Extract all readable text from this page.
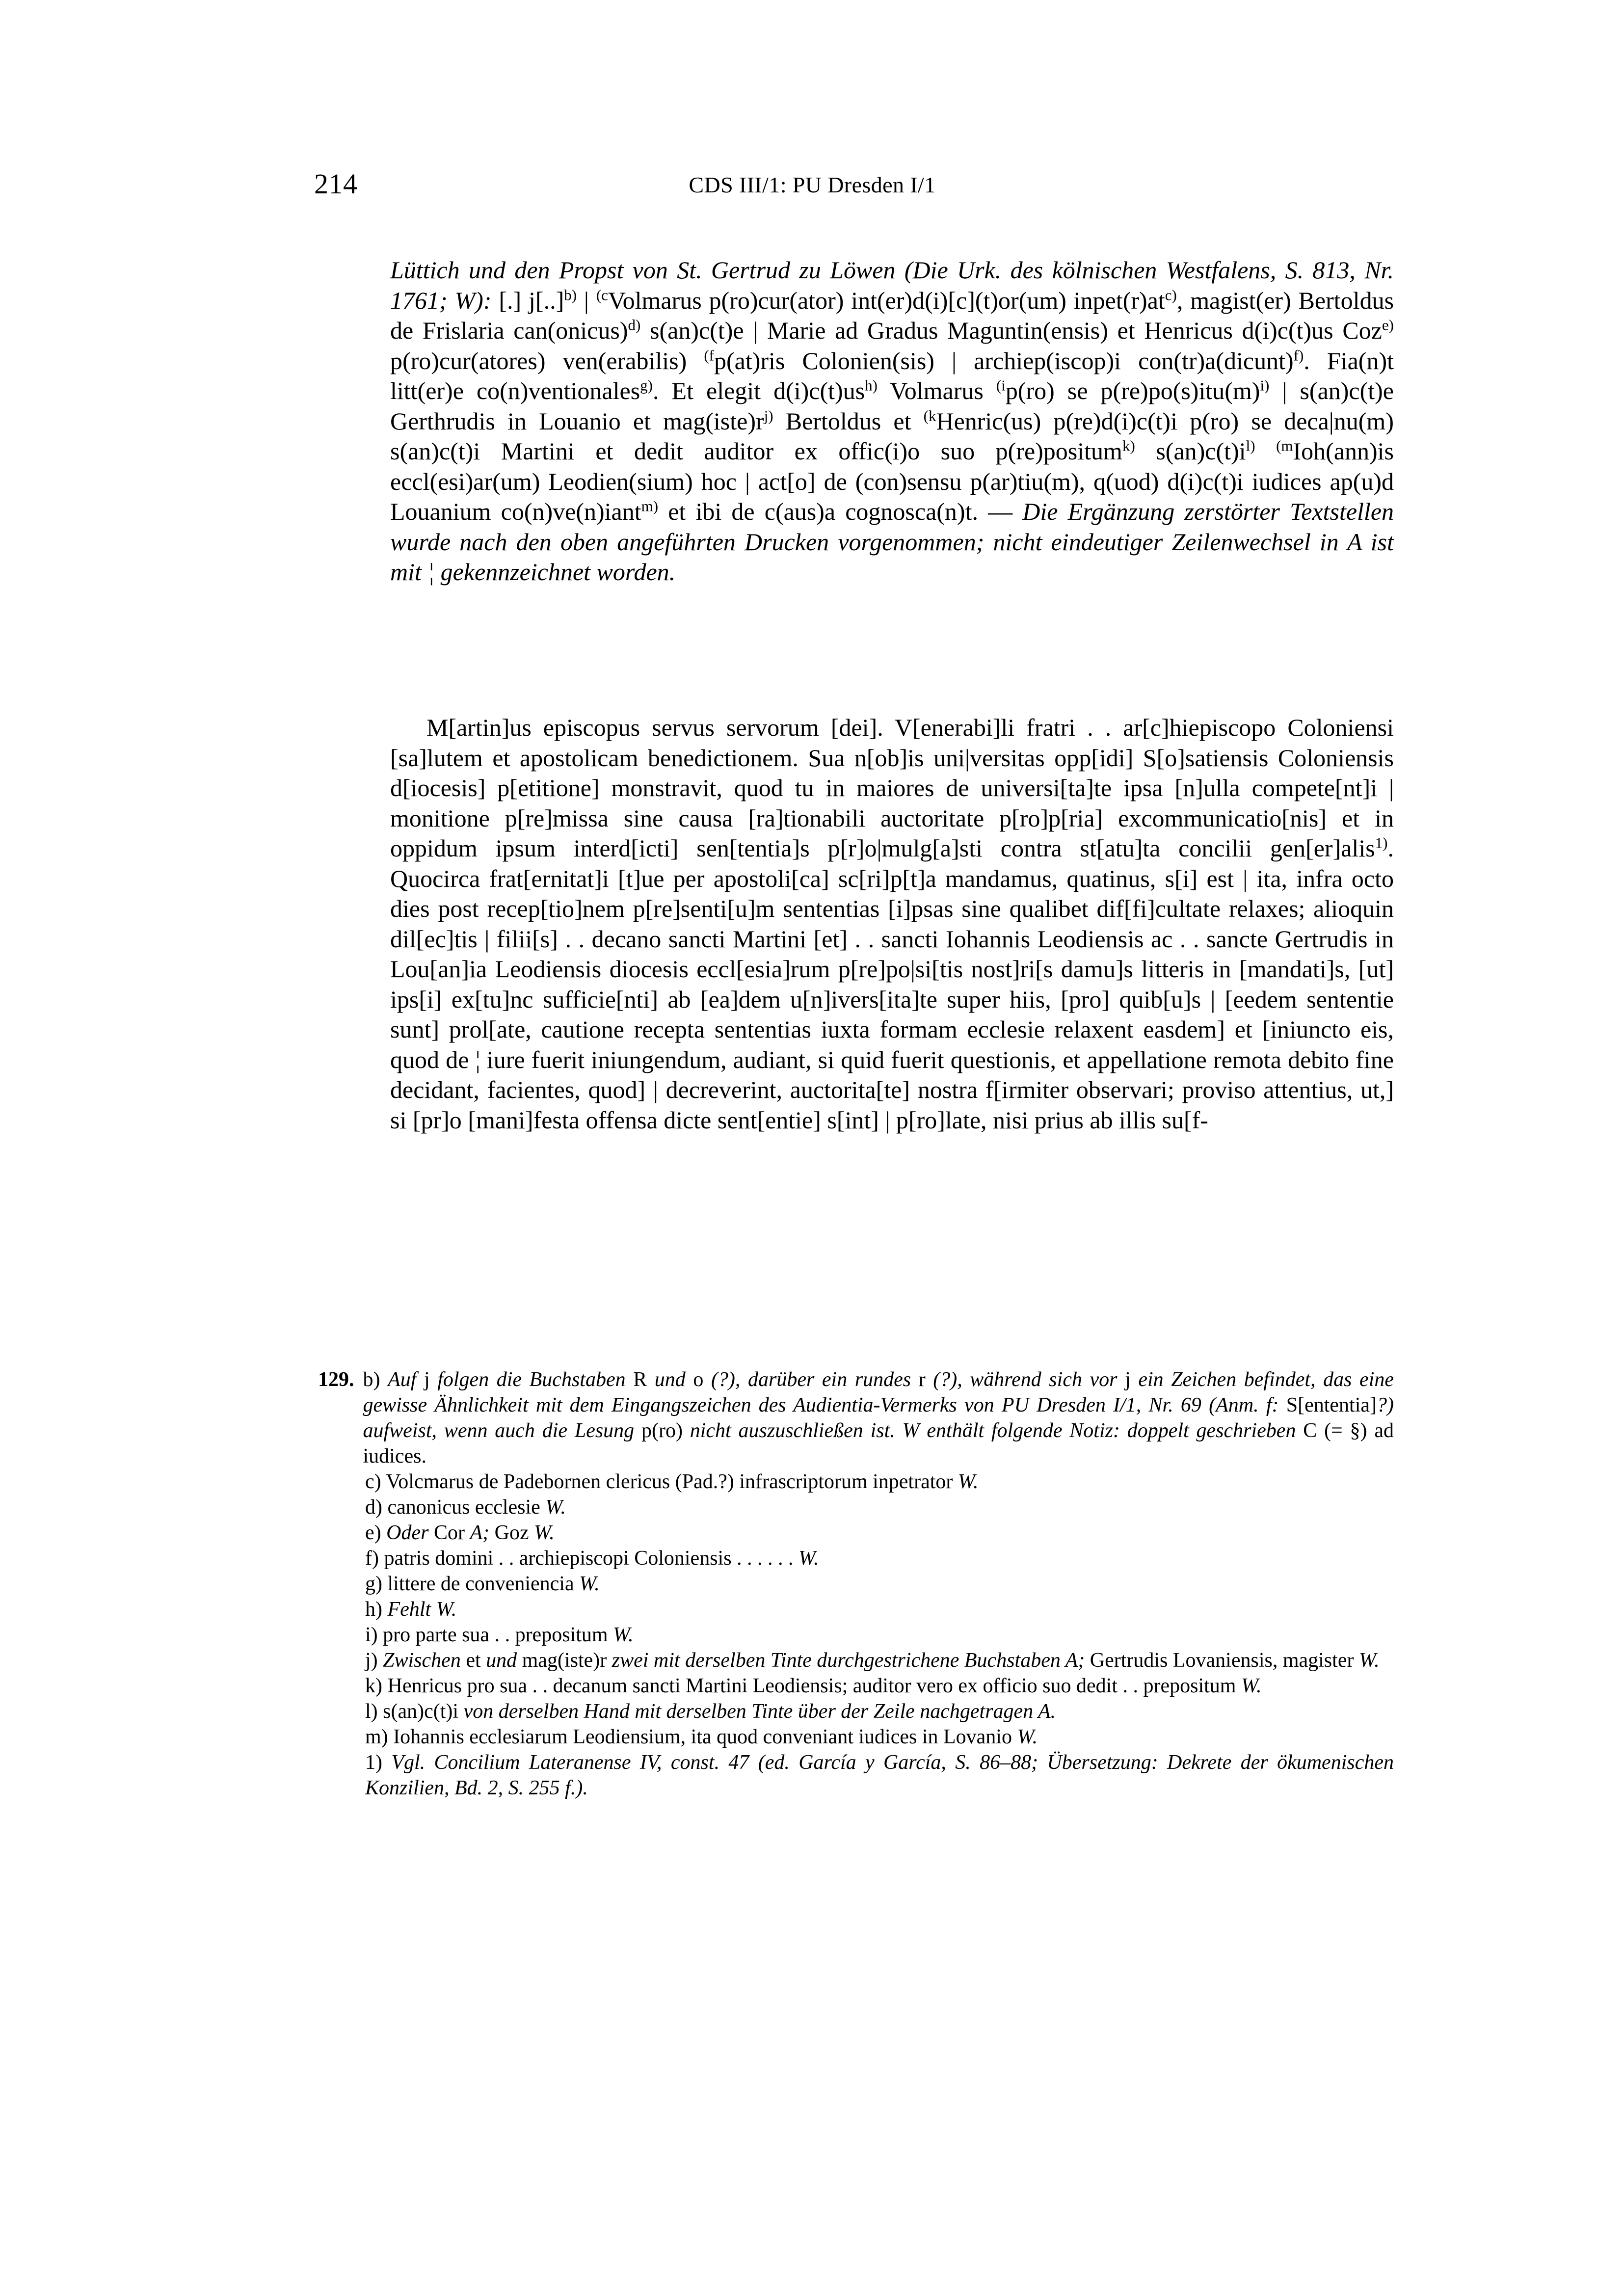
214	CDS III/1: PU Dresden I/1
Lüttich und den Propst von St. Gertrud zu Löwen (Die Urk. des kölnischen Westfalens, S. 813, Nr. 1761; W): [.] j[..]$^{b)}$ | $^{(c}$Volmarus p(ro)cur(ator) int(er)d(i)[c](t)or(um) $inpet(r)at^{c)}$, magist(er) Bertoldus de Frislaria can(onicus)$^{d)}$ s(an)c(t)e | Marie ad Gradus Maguntin(ensis) et Henricus d(i)c(t)us Coz$^{e)}$ p(ro)cur(atores) ven(erabilis) $^{(f}$p(at)ris Colonien(sis) | archiep(iscop)i con(tr)a(dicunt)$^{f)}$. Fia(n)t litt(er)e co(n)ventionales$^{g)}$. Et elegit $d(i)c(t)us^{h)}$ Volmarus $^{(i}$p(ro) se $p(re)po(s)itu(m)^{i)}$ | s(an)c(t)e Gerthrudis in Louanio et $mag(iste)r^{j)}$ Bertoldus et $^{(k}$Henric(us) p(re)d(i)c(t)i p(ro) se deca|nu(m) s(an)c(t)i Martini et dedit auditor ex offic(i)o suo p(re)positum$^{k)}$ $s(an)c(t)i^{l)}$ $^{(m}$Ioh(ann)is eccl(esi)ar(um) Leodien(sium) hoc | act[o] de (con)sensu p(ar)tiu(m), q(uod) d(i)c(t)i iudices ap(u)d Louanium co(n)ve(n)iant$^{m)}$ et ibi de c(aus)a cognosca(n)t. — Die Ergänzung zerstörter Textstellen wurde nach den oben angeführten Drucken vorgenommen; nicht eindeutiger Zeilenwechsel in A ist mit ¦ gekennzeichnet worden.
M[artin]us episcopus servus servorum [dei]. V[enerabi]li fratri . . ar[c]hiepiscopo Coloniensi [sa]lutem et apostolicam benedictionem. Sua n[ob]is uni|versitas opp[idi] S[o]satiensis Coloniensis d[iocesis] p[etitione] monstravit, quod tu in maiores de universi[ta]te ipsa [n]ulla compete[nt]i | monitione p[re]missa sine causa [ra]tionabili auctoritate p[ro]p[ria] excommunicatio[nis] et in oppidum ipsum interd[icti] sen[tentia]s p[r]o|mulg[a]sti contra st[atu]ta concilii gen[er]alis$^{1)}$. Quocirca frat[ernitat]i [t]ue per apostoli[ca] sc[ri]p[t]a mandamus, quatinus, s[i] est | ita, infra octo dies post recep[tio]nem p[re]senti[u]m sententias [i]psas sine qualibet dif[fi]cultate relaxes; alioquin dil[ec]tis | filii[s] . . decano sancti Martini [et] . . sancti Iohannis Leodiensis ac . . sancte Gertrudis in Lou[an]ia Leodiensis diocesis eccl[esia]rum p[re]po|si[tis nost]ri[s damu]s litteris in [mandati]s, [ut] ips[i] ex[tu]nc sufficie[nti] ab [ea]dem u[n]ivers[ita]te super hiis, [pro] quib[u]s | [eedem sententie sunt] prol[ate, cautione recepta sententias iuxta formam ecclesie relaxent easdem] et [iniuncto eis, quod de ¦ iure fuerit iniungendum, audiant, si quid fuerit questionis, et appellatione remota debito fine decidant, facientes, quod] | decreverint, auctorita[te] nostra f[irmiter observari; proviso attentius, ut,] si [pr]o [mani]festa offensa dicte sent[entie] s[int] | p[ro]late, nisi prius ab illis su[f-
129. b) Auf j folgen die Buchstaben R und o (?), darüber ein rundes r (?), während sich vor j ein Zeichen befindet, das eine gewisse Ähnlichkeit mit dem Eingangszeichen des Audientia-Vermerks von PU Dresden I/1, Nr. 69 (Anm. f: S[ententia]?) aufweist, wenn auch die Lesung p(ro) nicht auszuschließen ist. W enthält folgende Notiz: doppelt geschrieben C (= §) ad iudices.
c) Volcmarus de Padebornen clericus (Pad.?) infrascriptorum inpetrator W.
d) canonicus ecclesie W.
e) Oder Cor A; Goz W.
f) patris domini . . archiepiscopi Coloniensis . . . . . . W.
g) littere de conveniencia W.
h) Fehlt W.
i) pro parte sua . . prepositum W.
j) Zwischen et und mag(iste)r zwei mit derselben Tinte durchgestrichene Buchstaben A; Gertrudis Lovaniensis, magister W.
k) Henricus pro sua . . decanum sancti Martini Leodiensis; auditor vero ex officio suo dedit . . prepositum W.
l) s(an)c(t)i von derselben Hand mit derselben Tinte über der Zeile nachgetragen A.
m) Iohannis ecclesiarum Leodiensium, ita quod conveniant iudices in Lovanio W.
1) Vgl. Concilium Lateranense IV, const. 47 (ed. García y García, S. 86–88; Übersetzung: Dekrete der ökumenischen Konzilien, Bd. 2, S. 255 f.).
